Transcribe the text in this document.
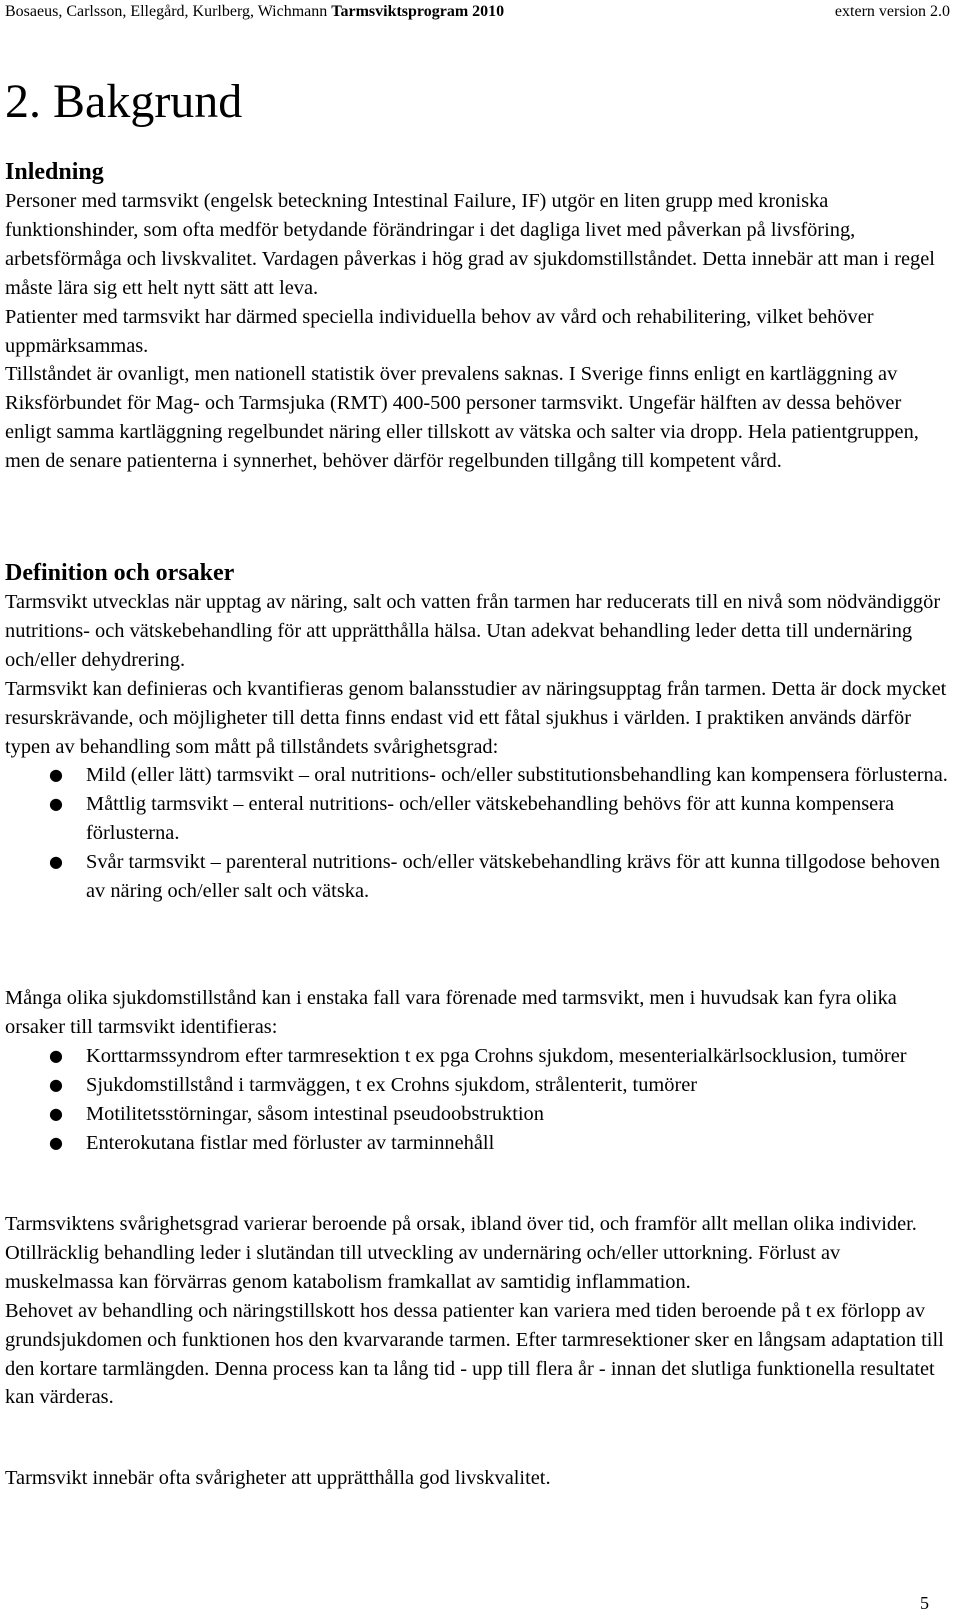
Bosaeus, Carlsson, Ellegård, Kurlberg, Wichmann Tarmsviktsprogram 2010	extern version 2.0
2. Bakgrund
Inledning

Personer med tarmsvikt (engelsk beteckning Intestinal Failure, IF) utgör en liten grupp med kroniska funktionshinder, som ofta medför betydande förändringar i det dagliga livet med påverkan på livsföring, arbetsförmåga och livskvalitet. Vardagen påverkas i hög grad av sjukdomstillståndet. Detta innebär att man i regel måste lära sig ett helt nytt sätt att leva.

Patienter med tarmsvikt har därmed speciella individuella behov av vård och rehabilitering, vilket behöver uppmärksammas.

Tillståndet är ovanligt, men nationell statistik över prevalens saknas. I Sverige finns enligt en kartläggning av Riksförbundet för Mag- och Tarmsjuka (RMT) 400-500 personer tarmsvikt. Ungefär hälften av dessa behöver enligt samma kartläggning regelbundet näring eller tillskott av vätska och salter via dropp. Hela patientgruppen, men de senare patienterna i synnerhet, behöver därför regelbunden tillgång till kompetent vård.

Definition och orsaker

Tarmsvikt utvecklas när upptag av näring, salt och vatten från tarmen har reducerats till en nivå som nödvändiggör nutritions- och vätskebehandling för att upprätthålla hälsa. Utan adekvat behandling leder detta till undernäring och/eller dehydrering.

Tarmsvikt kan definieras och kvantifieras genom balansstudier av näringsupptag från tarmen. Detta är dock mycket resurskrävande, och möjligheter till detta finns endast vid ett fåtal sjukhus i världen. I praktiken används därför typen av behandling som mått på tillståndets svårighetsgrad:

● Mild (eller lätt) tarmsvikt – oral nutritions- och/eller substitutionsbehandling kan kompensera förlusterna.
● Måttlig tarmsvikt – enteral nutritions- och/eller vätskebehandling behövs för att kunna kompensera förlusterna.
● Svår tarmsvikt – parenteral nutritions- och/eller vätskebehandling krävs för att kunna tillgodose behoven av näring och/eller salt och vätska.

Många olika sjukdomstillstånd kan i enstaka fall vara förenade med tarmsvikt, men i huvudsak kan fyra olika orsaker till tarmsvikt identifieras:

● Korttarmssyndrom efter tarmresektion t ex pga Crohns sjukdom, mesenterialkärlsocklusion, tumörer
● Sjukdomstillstånd i tarmväggen, t ex Crohns sjukdom, strålenterit, tumörer
● Motilitetsstörningar, såsom intestinal pseudoobstruktion
● Enterokutana fistlar med förluster av tarminnehåll

Tarmsviktens svårighetsgrad varierar beroende på orsak, ibland över tid, och framför allt mellan olika individer. Otillräcklig behandling leder i slutändan till utveckling av undernäring och/eller uttorkning. Förlust av muskelmassa kan förvärras genom katabolism framkallat av samtidig inflammation.

Behovet av behandling och näringstillskott hos dessa patienter kan variera med tiden beroende på t ex förlopp av grundsjukdomen och funktionen hos den kvarvarande tarmen. Efter tarmresektioner sker en långsam adaptation till den kortare tarmlängden. Denna process kan ta lång tid - upp till flera år - innan det slutliga funktionella resultatet kan värderas.

Tarmsvikt innebär ofta svårigheter att upprätthålla god livskvalitet.

5
